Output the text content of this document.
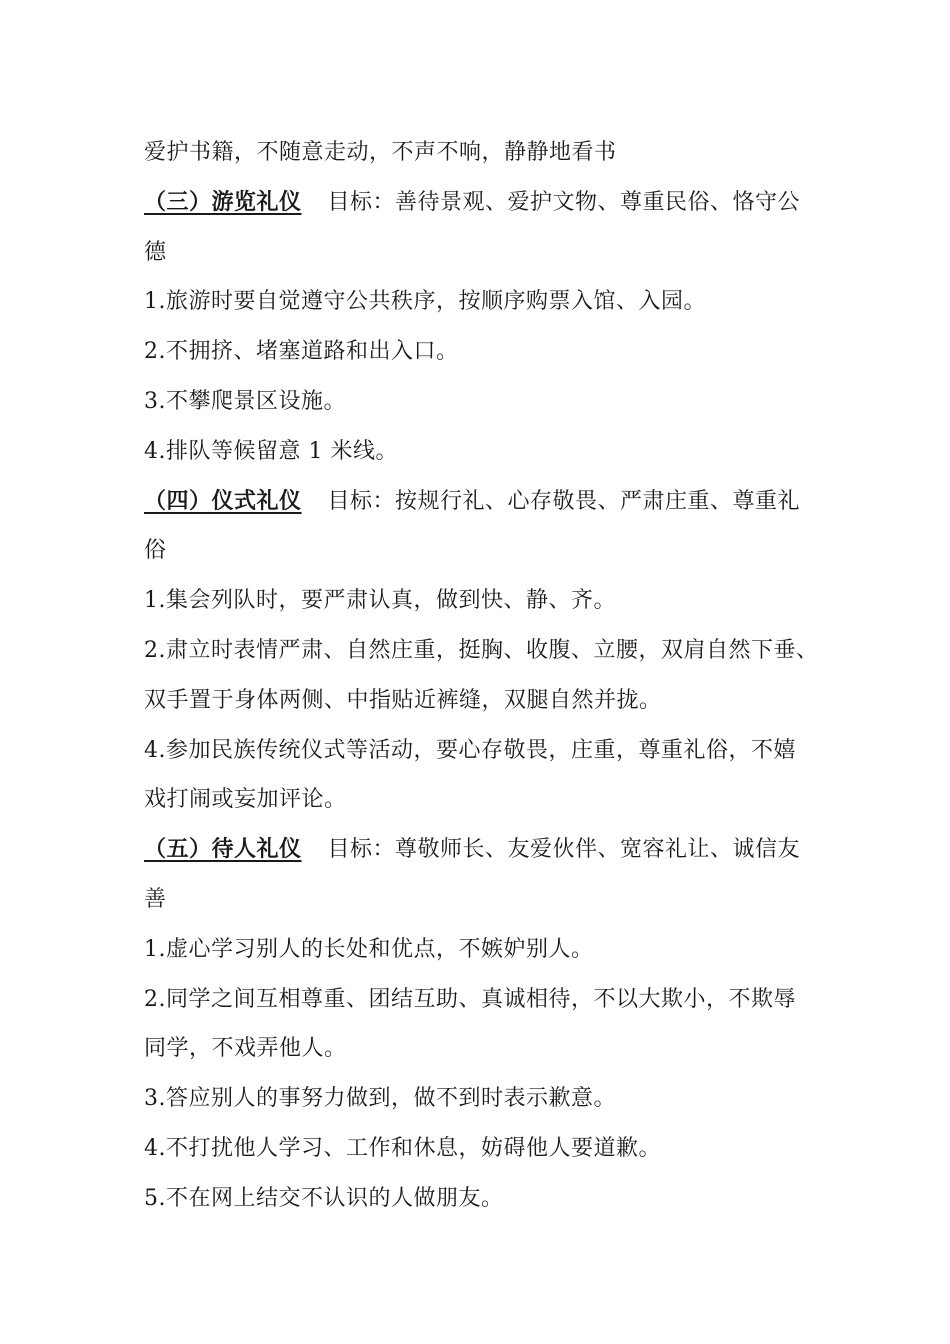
爱护书籍，不随意走动，不声不响，静静地看书
（三）游览礼仪 目标：善待景观、爱护文物、尊重民俗、恪守公
德
1.旅游时要自觉遵守公共秩序，按顺序购票入馆、入园。
2.不拥挤、堵塞道路和出入口。
3.不攀爬景区设施。
4.排队等候留意 1 米线。
（四）仪式礼仪 目标：按规行礼、心存敬畏、严肃庄重、尊重礼
俗
1.集会列队时，要严肃认真，做到快、静、齐。
2.肃立时表情严肃、自然庄重，挺胸、收腹、立腰，双肩自然下垂、
双手置于身体两侧、中指贴近裤缝，双腿自然并拢。
4.参加民族传统仪式等活动，要心存敬畏，庄重，尊重礼俗，不嬉
戏打闹或妄加评论。
（五）待人礼仪 目标：尊敬师长、友爱伙伴、宽容礼让、诚信友
善
1.虚心学习别人的长处和优点，不嫉妒别人。
2.同学之间互相尊重、团结互助、真诚相待，不以大欺小，不欺辱
同学，不戏弄他人。
3.答应别人的事努力做到，做不到时表示歉意。
4.不打扰他人学习、工作和休息，妨碍他人要道歉。
5.不在网上结交不认识的人做朋友。
